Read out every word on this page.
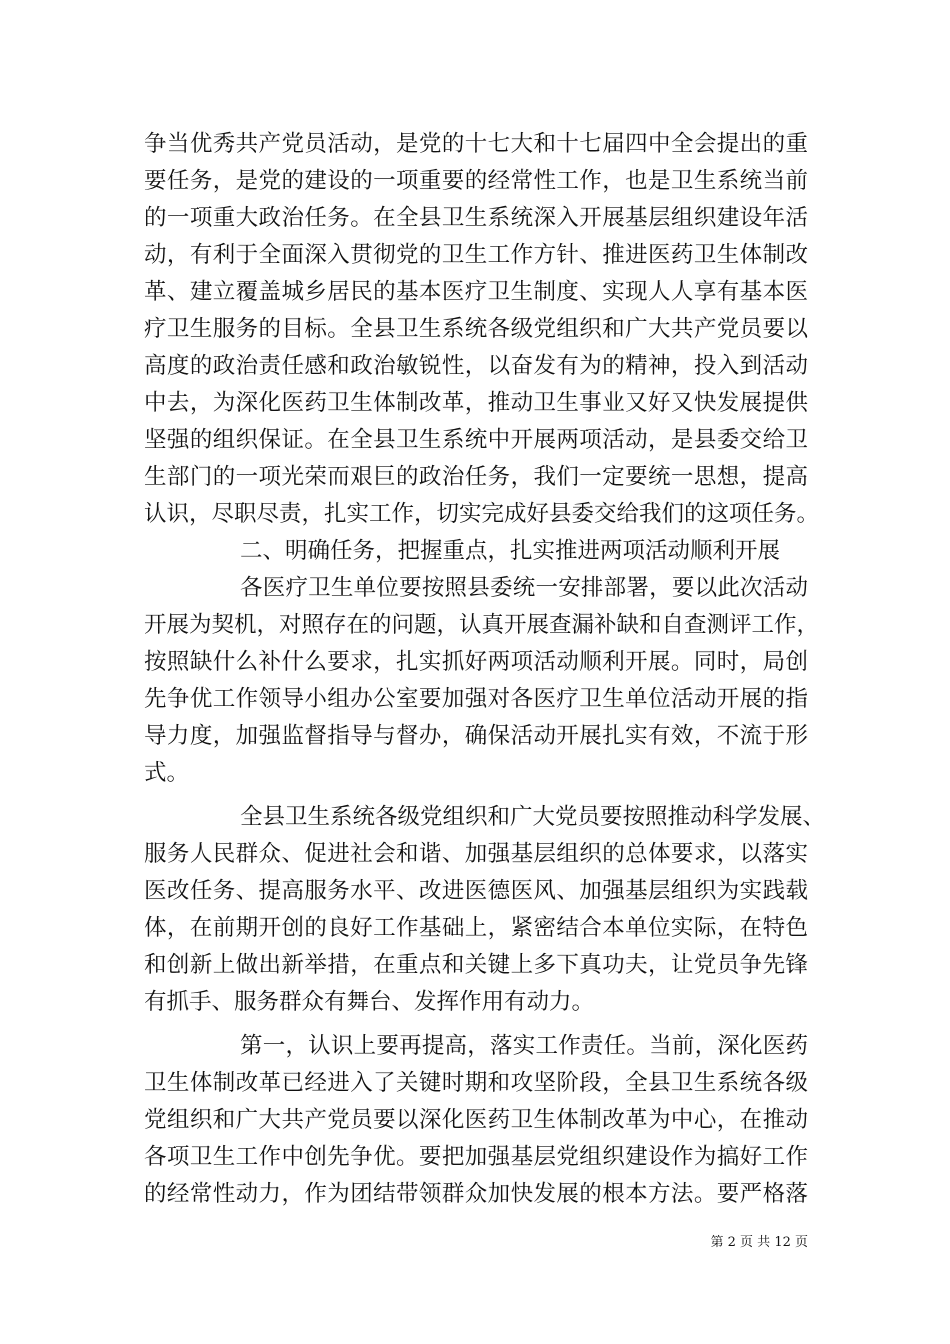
争当优秀共产党员活动，是党的十七大和十七届四中全会提出的重
要任务，是党的建设的一项重要的经常性工作，也是卫生系统当前
的一项重大政治任务。在全县卫生系统深入开展基层组织建设年活
动，有利于全面深入贯彻党的卫生工作方针、推进医药卫生体制改
革、建立覆盖城乡居民的基本医疗卫生制度、实现人人享有基本医
疗卫生服务的目标。全县卫生系统各级党组织和广大共产党员要以
高度的政治责任感和政治敏锐性，以奋发有为的精神，投入到活动
中去，为深化医药卫生体制改革，推动卫生事业又好又快发展提供
坚强的组织保证。在全县卫生系统中开展两项活动，是县委交给卫
生部门的一项光荣而艰巨的政治任务，我们一定要统一思想，提高
认识，尽职尽责，扎实工作，切实完成好县委交给我们的这项任务。
二、明确任务，把握重点，扎实推进两项活动顺利开展
各医疗卫生单位要按照县委统一安排部署，要以此次活动
开展为契机，对照存在的问题，认真开展查漏补缺和自查测评工作，
按照缺什么补什么要求，扎实抓好两项活动顺利开展。同时，局创
先争优工作领导小组办公室要加强对各医疗卫生单位活动开展的指
导力度，加强监督指导与督办，确保活动开展扎实有效，不流于形
式。
全县卫生系统各级党组织和广大党员要按照推动科学发展、
服务人民群众、促进社会和谐、加强基层组织的总体要求，以落实
医改任务、提高服务水平、改进医德医风、加强基层组织为实践载
体，在前期开创的良好工作基础上，紧密结合本单位实际，在特色
和创新上做出新举措，在重点和关键上多下真功夫，让党员争先锋
有抓手、服务群众有舞台、发挥作用有动力。
第一，认识上要再提高，落实工作责任。当前，深化医药
卫生体制改革已经进入了关键时期和攻坚阶段，全县卫生系统各级
党组织和广大共产党员要以深化医药卫生体制改革为中心，在推动
各项卫生工作中创先争优。要把加强基层党组织建设作为搞好工作
的经常性动力，作为团结带领群众加快发展的根本方法。要严格落
第 2 页 共 12 页
